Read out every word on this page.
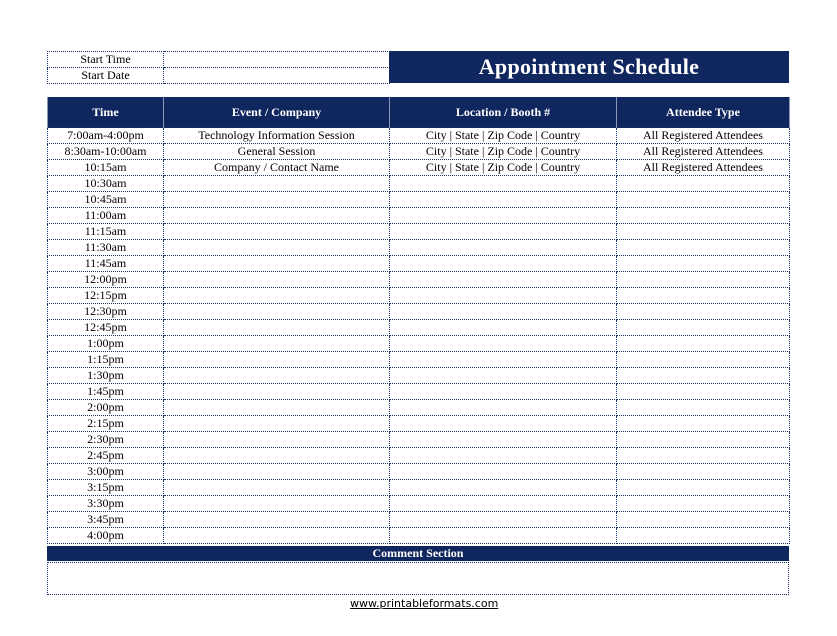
Start Time	
Start Date		Appointment Schedule
Time	Event / Company	Location / Booth #	Attendee Type
7:00am-4:00pm	Technology Information Session	City | State | Zip Code | Country	All Registered Attendees
8:30am-10:00am	General Session	City | State | Zip Code | Country	All Registered Attendees
10:15am	Company / Contact Name	City | State | Zip Code | Country	All Registered Attendees
10:30am			
10:45am			
11:00am			
11:15am			
11:30am			
11:45am			
12:00pm			
12:15pm			
12:30pm			
12:45pm			
1:00pm			
1:15pm			
1:30pm			
1:45pm			
2:00pm			
2:15pm			
2:30pm			
2:45pm			
3:00pm			
3:15pm			
3:30pm			
3:45pm			
4:00pm			
Comment Section
www.printableformats.com
